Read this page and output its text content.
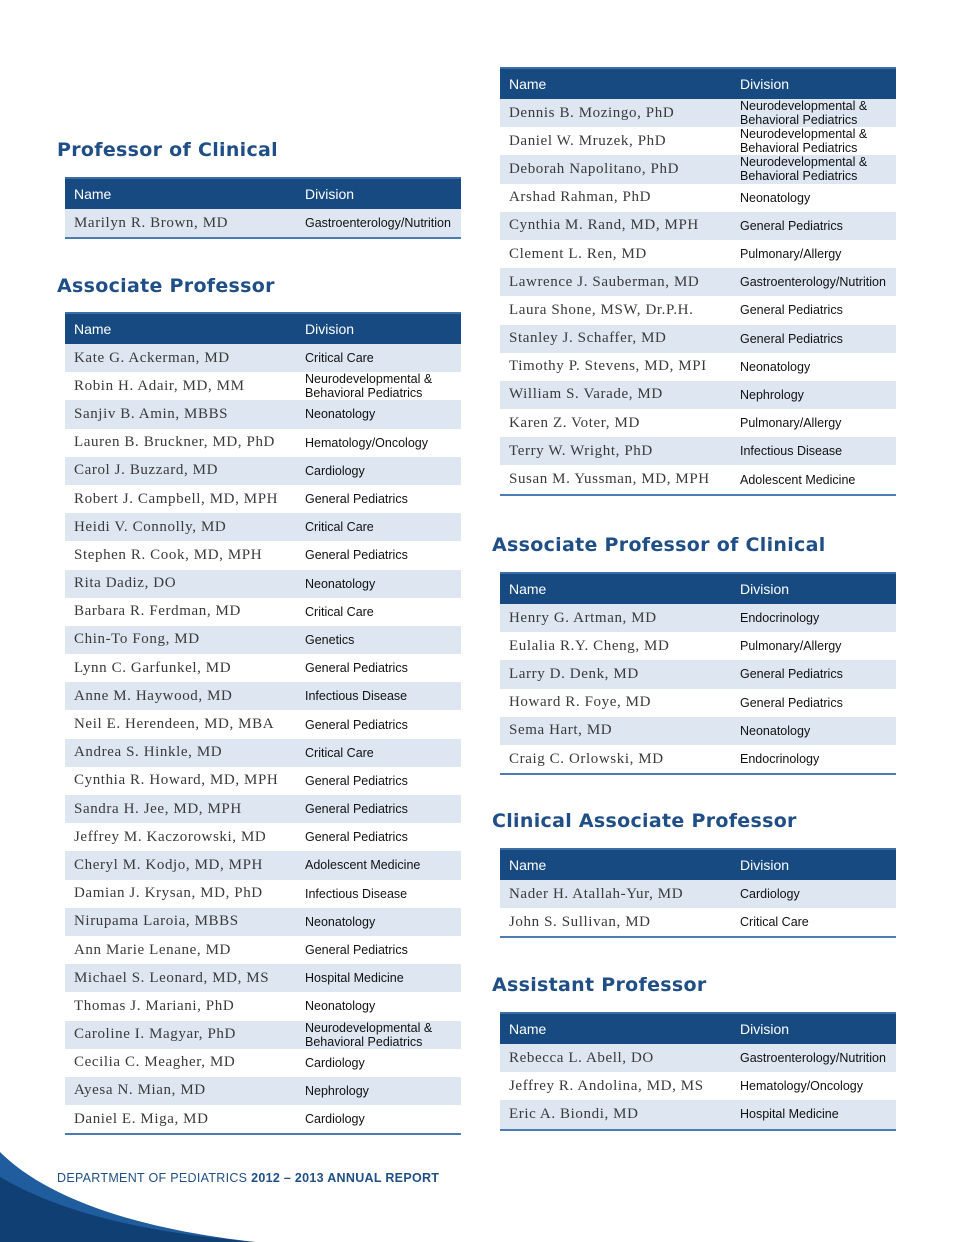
Professor of Clinical
Associate Professor
Associate Professor of Clinical
Clinical Associate Professor
Assistant Professor
Name	Division
Marilyn R. Brown, MD	Gastroenterology/Nutrition
Name	Division
Kate G. Ackerman, MD	Critical Care
Robin H. Adair, MD, MM	Neurodevelopmental & Behavioral Pediatrics
Sanjiv B. Amin, MBBS	Neonatology
Lauren B. Bruckner, MD, PhD	Hematology/Oncology
Carol J. Buzzard, MD	Cardiology
Robert J. Campbell, MD, MPH	General Pediatrics
Heidi V. Connolly, MD	Critical Care
Stephen R. Cook, MD, MPH	General Pediatrics
Rita Dadiz, DO	Neonatology
Barbara R. Ferdman, MD	Critical Care
Chin-To Fong, MD	Genetics
Lynn C. Garfunkel, MD	General Pediatrics
Anne M. Haywood, MD	Infectious Disease
Neil E. Herendeen, MD, MBA	General Pediatrics
Andrea S. Hinkle, MD	Critical Care
Cynthia R. Howard, MD, MPH	General Pediatrics
Sandra H. Jee, MD, MPH	General Pediatrics
Jeffrey M. Kaczorowski, MD	General Pediatrics
Cheryl M. Kodjo, MD, MPH	Adolescent Medicine
Damian J. Krysan, MD, PhD	Infectious Disease
Nirupama Laroia, MBBS	Neonatology
Ann Marie Lenane, MD	General Pediatrics
Michael S. Leonard, MD, MS	Hospital Medicine
Thomas J. Mariani, PhD	Neonatology
Caroline I. Magyar, PhD	Neurodevelopmental & Behavioral Pediatrics
Cecilia C. Meagher, MD	Cardiology
Ayesa N. Mian, MD	Nephrology
Daniel E. Miga, MD	Cardiology
Name	Division
Dennis B. Mozingo, PhD	Neurodevelopmental & Behavioral Pediatrics
Daniel W. Mruzek, PhD	Neurodevelopmental & Behavioral Pediatrics
Deborah Napolitano, PhD	Neurodevelopmental & Behavioral Pediatrics
Arshad Rahman, PhD	Neonatology
Cynthia M. Rand, MD, MPH	General Pediatrics
Clement L. Ren, MD	Pulmonary/Allergy
Lawrence J. Sauberman, MD	Gastroenterology/Nutrition
Laura Shone, MSW, Dr.P.H.	General Pediatrics
Stanley J. Schaffer, MD	General Pediatrics
Timothy P. Stevens, MD, MPI	Neonatology
William S. Varade, MD	Nephrology
Karen Z. Voter, MD	Pulmonary/Allergy
Terry W. Wright, PhD	Infectious Disease
Susan M. Yussman, MD, MPH	Adolescent Medicine
Name	Division
Henry G. Artman, MD	Endocrinology
Eulalia R.Y. Cheng, MD	Pulmonary/Allergy
Larry D. Denk, MD	General Pediatrics
Howard R. Foye, MD	General Pediatrics
Sema Hart, MD	Neonatology
Craig C. Orlowski, MD	Endocrinology
Name	Division
Nader H. Atallah-Yur, MD	Cardiology
John S. Sullivan, MD	Critical Care
Name	Division
Rebecca L. Abell, DO	Gastroenterology/Nutrition
Jeffrey R. Andolina, MD, MS	Hematology/Oncology
Eric A. Biondi, MD	Hospital Medicine
DEPARTMENT OF PEDIATRICS 2012 – 2013 ANNUAL REPORT
